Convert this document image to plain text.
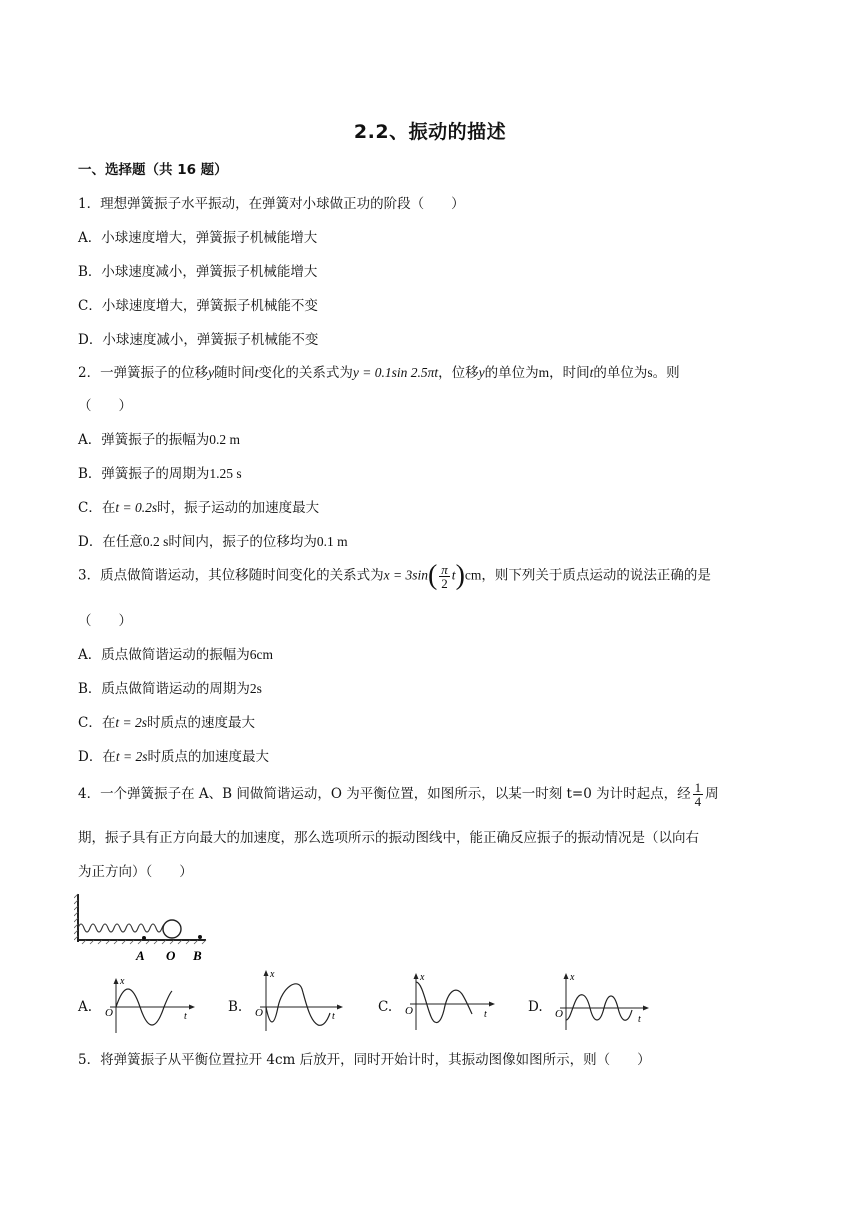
2.2、振动的描述
一、选择题（共 16 题）
1．理想弹簧振子水平振动，在弹簧对小球做正功的阶段（　　）
A．小球速度增大，弹簧振子机械能增大
B．小球速度减小，弹簧振子机械能增大
C．小球速度增大，弹簧振子机械能不变
D．小球速度减小，弹簧振子机械能不变
2．一弹簧振子的位移y随时间t变化的关系式为y = 0.1sin 2.5πt，位移y的单位为m，时间t的单位为s。则
（　　）
A．弹簧振子的振幅为0.2 m
B．弹簧振子的周期为1.25 s
C．在t = 0.2s时，振子运动的加速度最大
D．在任意0.2 s时间内，振子的位移均为0.1 m
3．质点做简谐运动，其位移随时间变化的关系式为$x = 3\sin( \frac{\pi}{2} t)cm$，则下列关于质点运动的说法正确的是
（　　）
A．质点做简谐运动的振幅为6cm
B．质点做简谐运动的周期为2s
C．在t = 2s时质点的速度最大
D．在t = 2s时质点的加速度最大
4．一个弹簧振子在 A、B 间做简谐运动，O 为平衡位置，如图所示，以某一时刻 t=0 为计时起点，经 $\frac{1}{4}$ 周
期，振子具有正方向最大的加速度，那么选项所示的振动图线中，能正确反应振子的振动情况是（以向右
为正方向）（　　）
A O B
A.
x
O	t
B.
x
O	t
C.
x
O	t	D.
x
O	t
5．将弹簧振子从平衡位置拉开 4cm 后放开，同时开始计时，其振动图像如图所示，则（　　）
